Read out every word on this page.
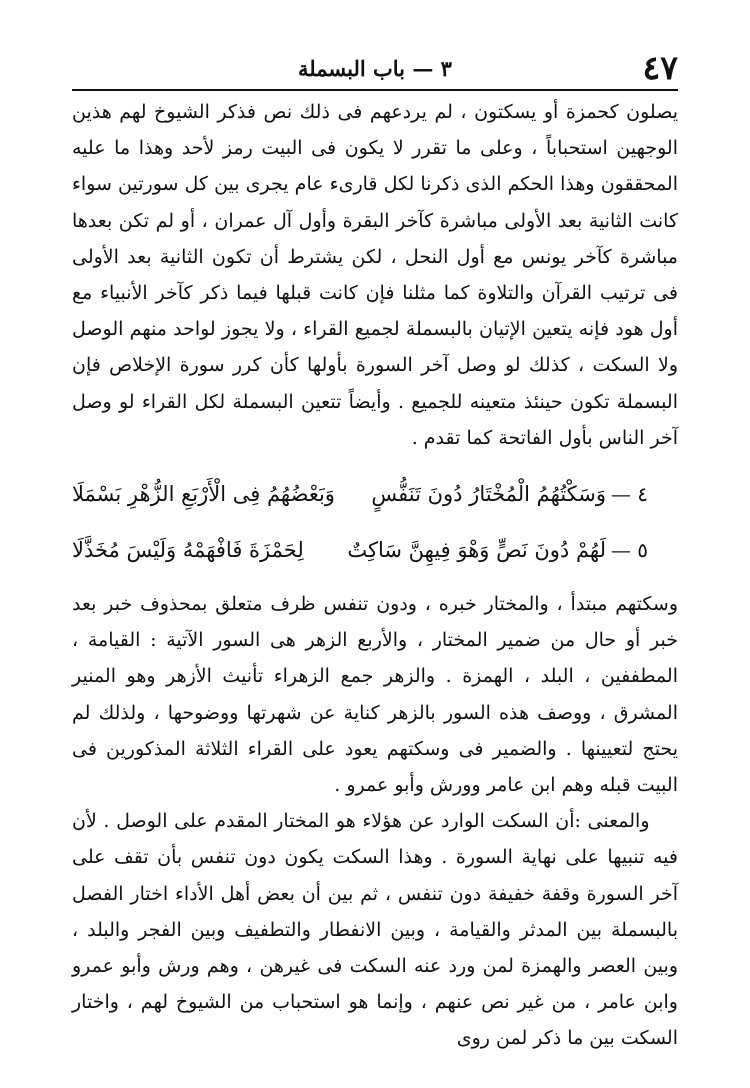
٤٧
٣ — باب البسملة

يصلون كحمزة أو يسكتون ، لم يردعهم فى ذلك نص فذكر الشيوخ لهم هذين الوجهين استحباباً ، وعلى ما تقرر لا يكون فى البيت رمز لأحد وهذا ما عليه المحققون وهذا الحكم الذى ذكرنا لكل قارىء عام يجرى بين كل سورتين سواء كانت الثانية بعد الأولى مباشرة كآخر البقرة وأول آل عمران ، أو لم تكن بعدها مباشرة كآخر يونس مع أول النحل ، لكن يشترط أن تكون الثانية بعد الأولى فى ترتيب القرآن والتلاوة كما مثلنا فإن كانت قبلها فيما ذكر كآخر الأنبياء مع أول هود فإنه يتعين الإتيان بالبسملة لجميع القراء ، ولا يجوز لواحد منهم الوصل ولا السكت ، كذلك لو وصل آخر السورة بأولها كأن كرر سورة الإخلاص فإن البسملة تكون حينئذ متعينه للجميع . وأيضاً تتعين البسملة لكل القراء لو وصل آخر الناس بأول الفاتحة كما تقدم .

٤ —
وَسَكْتُهُمُ الْمُخْتَارُ دُونَ تَنَفُّسٍ
وَبَعْضُهُمُ فِى الْأَرْبَعِ الزُّهْرِ بَسْمَلَا
٥ —
لَهُمْ دُونَ نَصٍّ وَهْوَ فِيهِنَّ سَاكِتٌ
لِحَمْزَةَ فَافْهَمْهُ وَلَيْسَ مُخَذَّلَا

وسكتهم مبتدأ ، والمختار خبره ، ودون تنفس ظرف متعلق بمحذوف خبر بعد خبر أو حال من ضمير المختار ، والأربع الزهر هى السور الآتية : القيامة ، المطففين ، البلد ، الهمزة . والزهر جمع الزهراء تأنيث الأزهر وهو المنير المشرق ، ووصف هذه السور بالزهر كناية عن شهرتها ووضوحها ، ولذلك لم يحتج لتعيينها . والضمير فى وسكتهم يعود على القراء الثلاثة المذكورين فى البيت قبله وهم ابن عامر وورش وأبو عمرو .

والمعنى :أن السكت الوارد عن هؤلاء هو المختار المقدم على الوصل . لأن فيه تنبيها على نهاية السورة . وهذا السكت يكون دون تنفس بأن تقف على آخر السورة وقفة خفيفة دون تنفس ، ثم بين أن بعض أهل الأداء اختار الفصل بالبسملة بين المدثر والقيامة ، وبين الانفطار والتطفيف وبين الفجر والبلد ، وبين العصر والهمزة لمن ورد عنه السكت فى غيرهن ، وهم ورش وأبو عمرو وابن عامر ، من غير نص عنهم ، وإنما هو استحباب من الشيوخ لهم ، واختار السكت بين ما ذكر لمن روى
